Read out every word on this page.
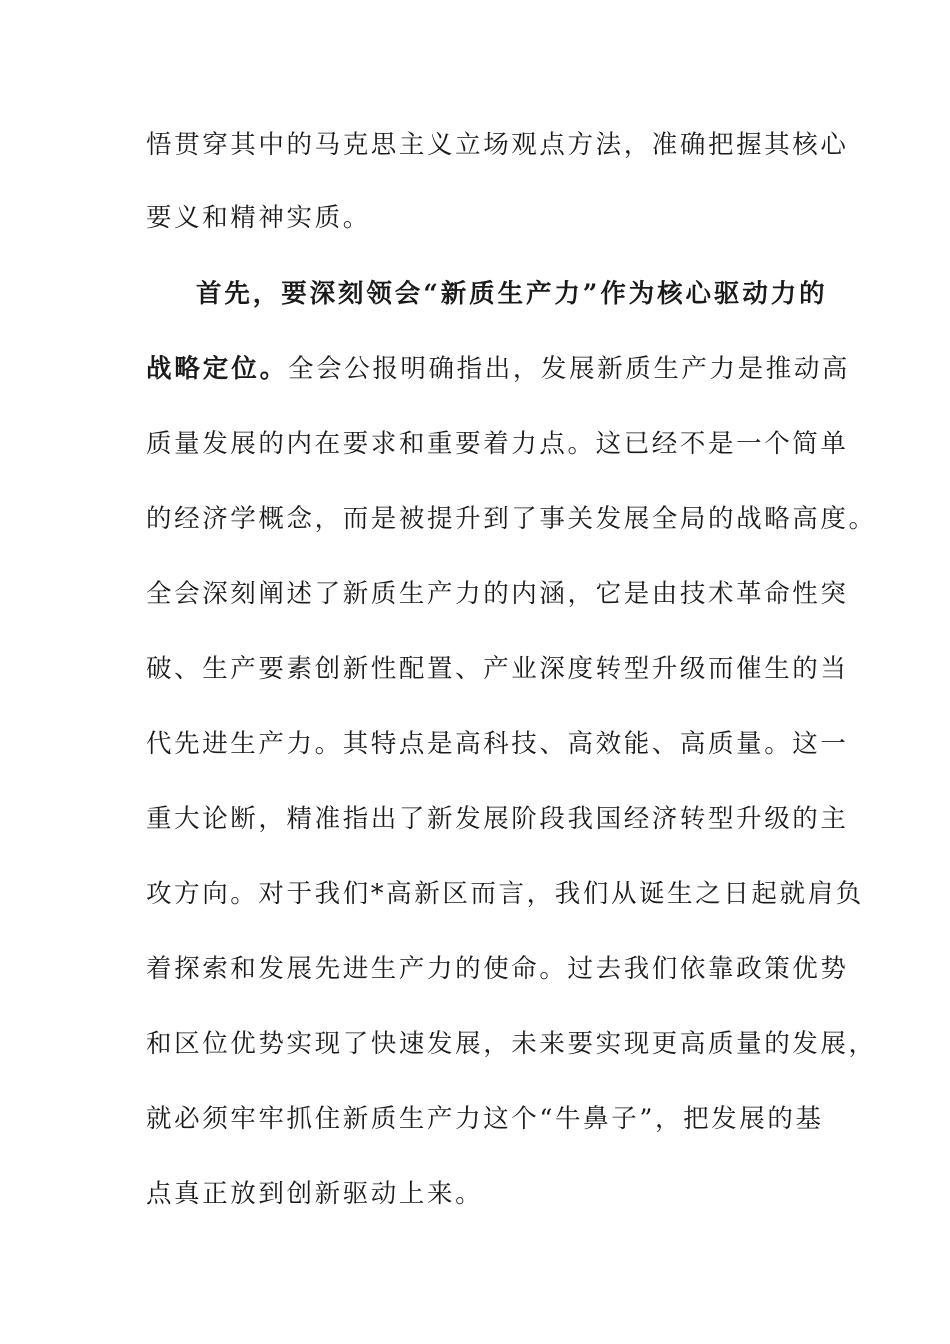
悟贯穿其中的马克思主义立场观点方法，准确把握其核心
要义和精神实质。
首先，要深刻领会“新质生产力”作为核心驱动力的
战略定位。全会公报明确指出，发展新质生产力是推动高
质量发展的内在要求和重要着力点。这已经不是一个简单
的经济学概念，而是被提升到了事关发展全局的战略高度。
全会深刻阐述了新质生产力的内涵，它是由技术革命性突
破、生产要素创新性配置、产业深度转型升级而催生的当
代先进生产力。其特点是高科技、高效能、高质量。这一
重大论断，精准指出了新发展阶段我国经济转型升级的主
攻方向。对于我们*高新区而言，我们从诞生之日起就肩负
着探索和发展先进生产力的使命。过去我们依靠政策优势
和区位优势实现了快速发展，未来要实现更高质量的发展，
就必须牢牢抓住新质生产力这个“牛鼻子”，把发展的基
点真正放到创新驱动上来。
